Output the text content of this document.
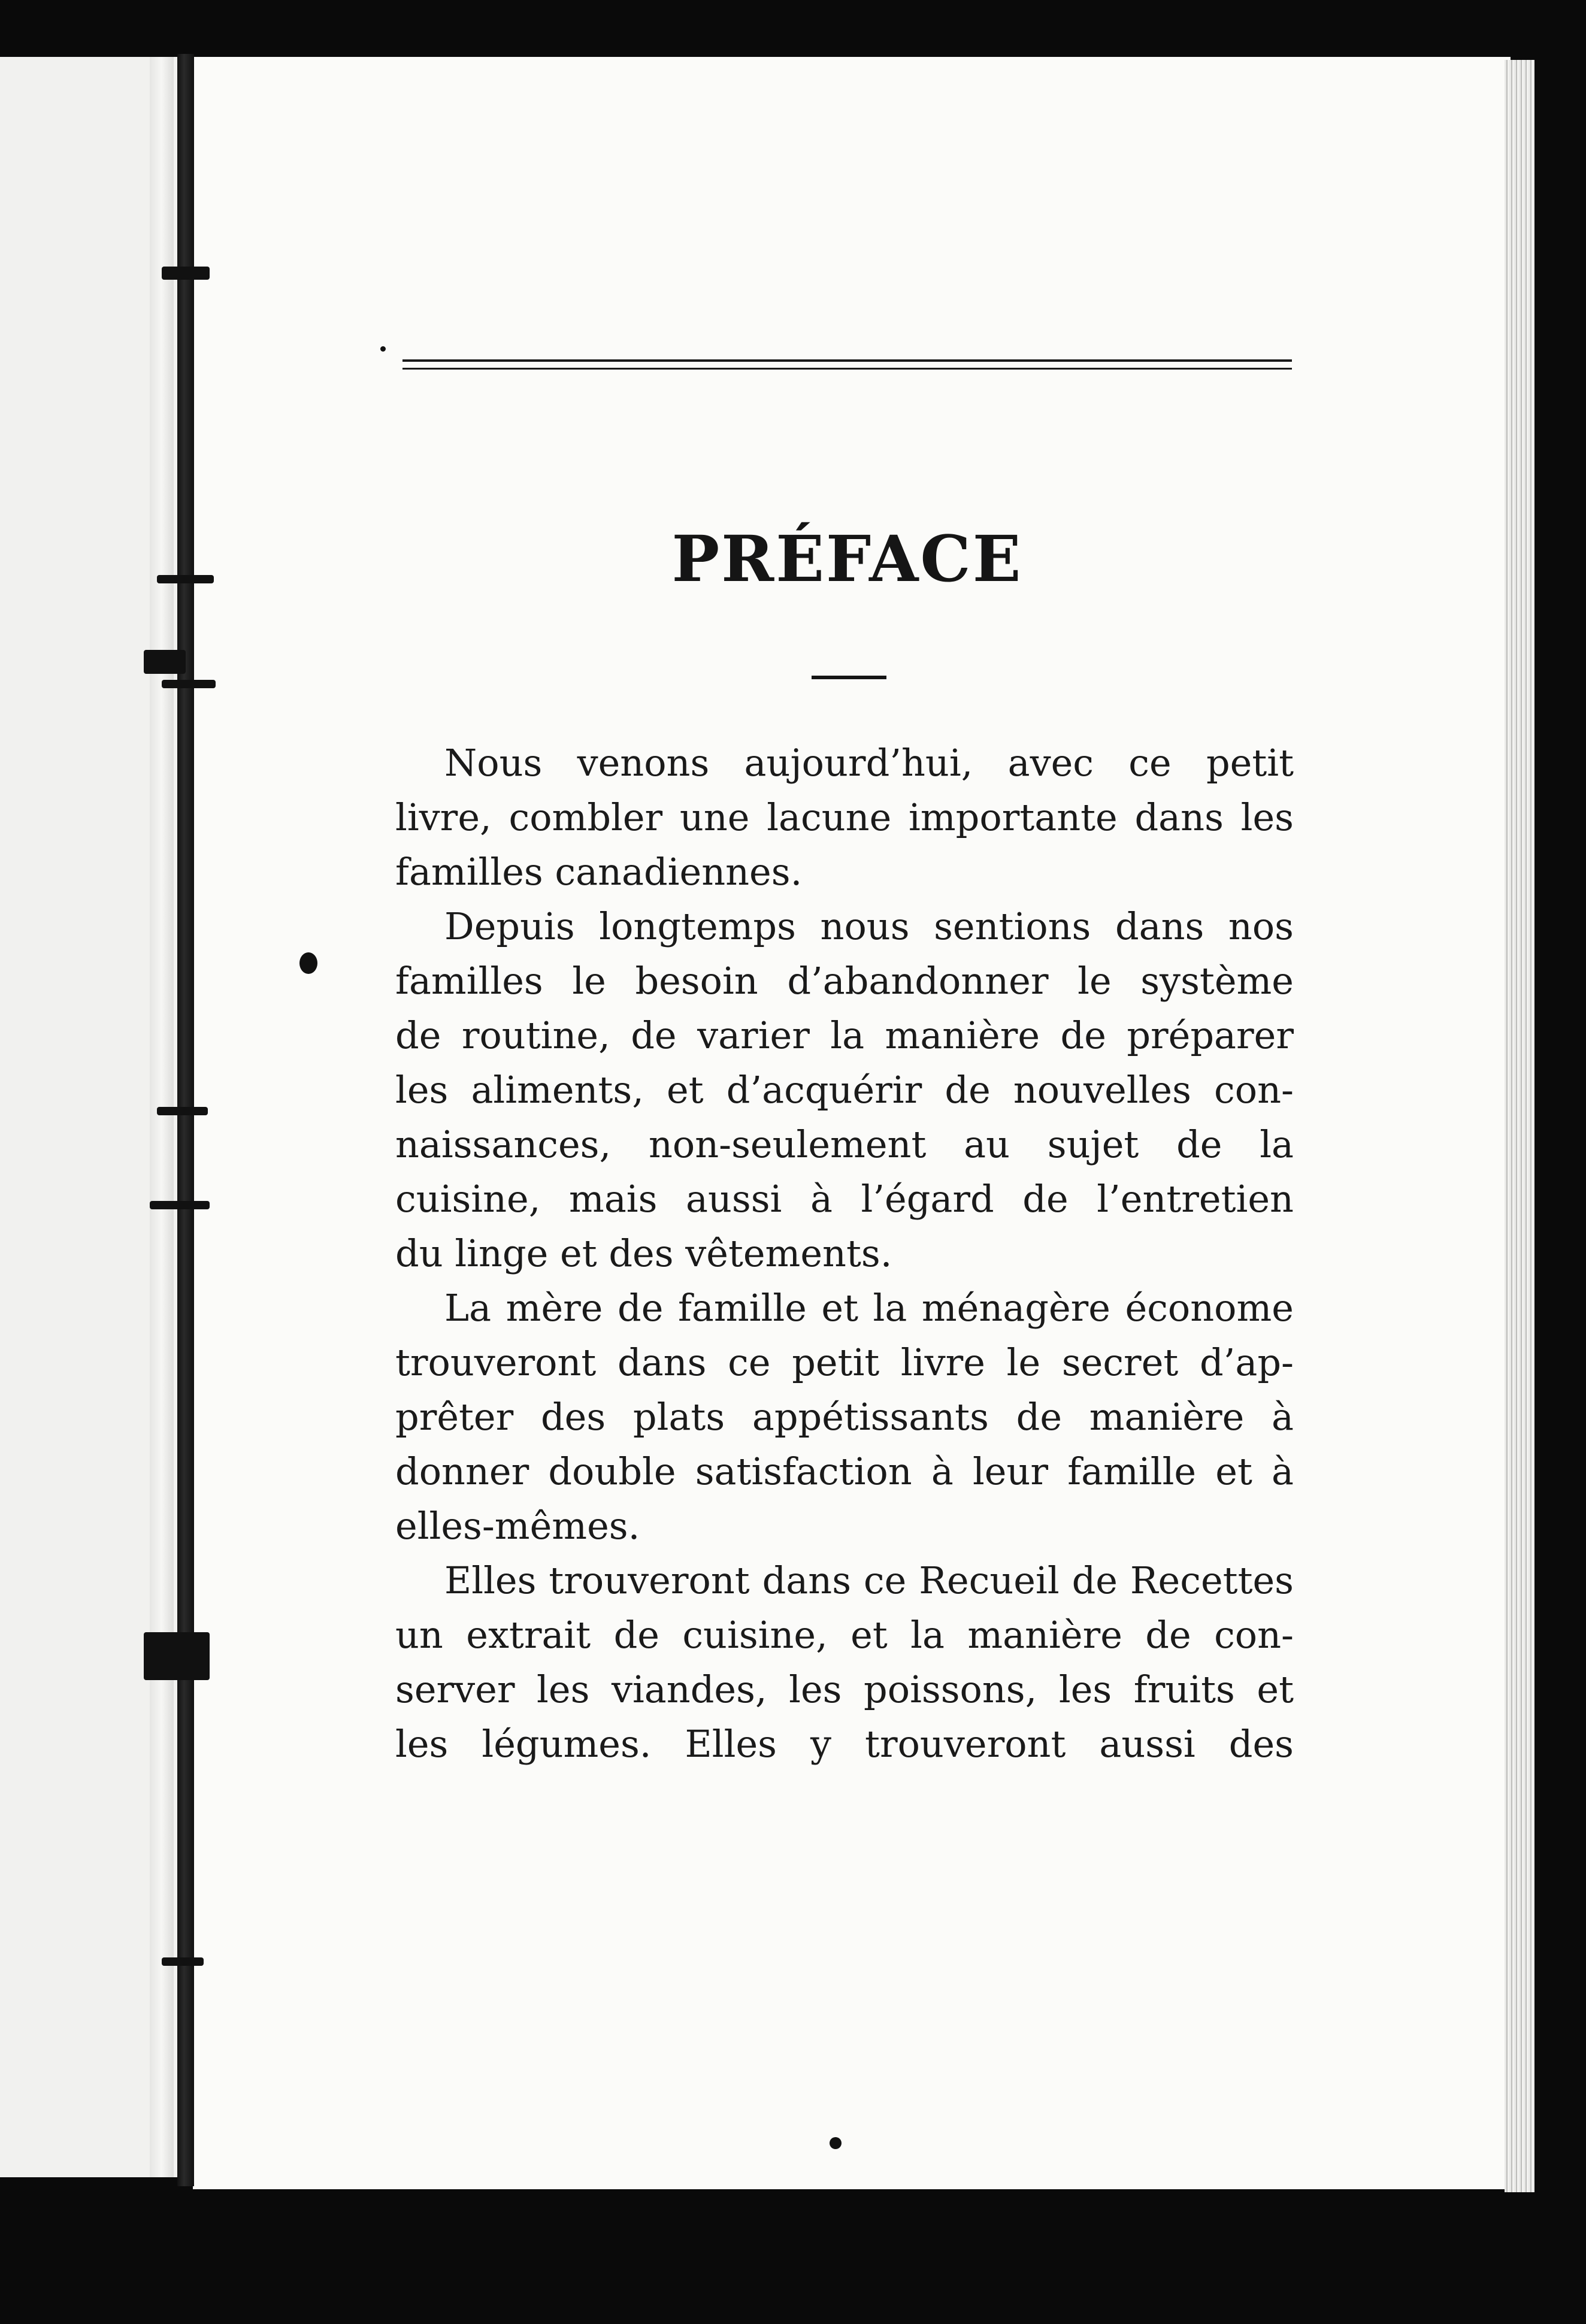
PRÉFACE

Nous venons aujourd’hui, avec ce petit
livre, combler une lacune importante dans les
familles canadiennes.

Depuis longtemps nous sentions dans nos
familles le besoin d’abandonner le système
de routine, de varier la manière de préparer
les aliments, et d’acquérir de nouvelles con-
naissances, non-seulement au sujet de la
cuisine, mais aussi à l’égard de l’entretien
du linge et des vêtements.

La mère de famille et la ménagère économe
trouveront dans ce petit livre le secret d’ap-
prêter des plats appétissants de manière à
donner double satisfaction à leur famille et à
elles-mêmes.

Elles trouveront dans ce Recueil de Recettes
un extrait de cuisine, et la manière de con-
server les viandes, les poissons, les fruits et
les légumes. Elles y trouveront aussi des
